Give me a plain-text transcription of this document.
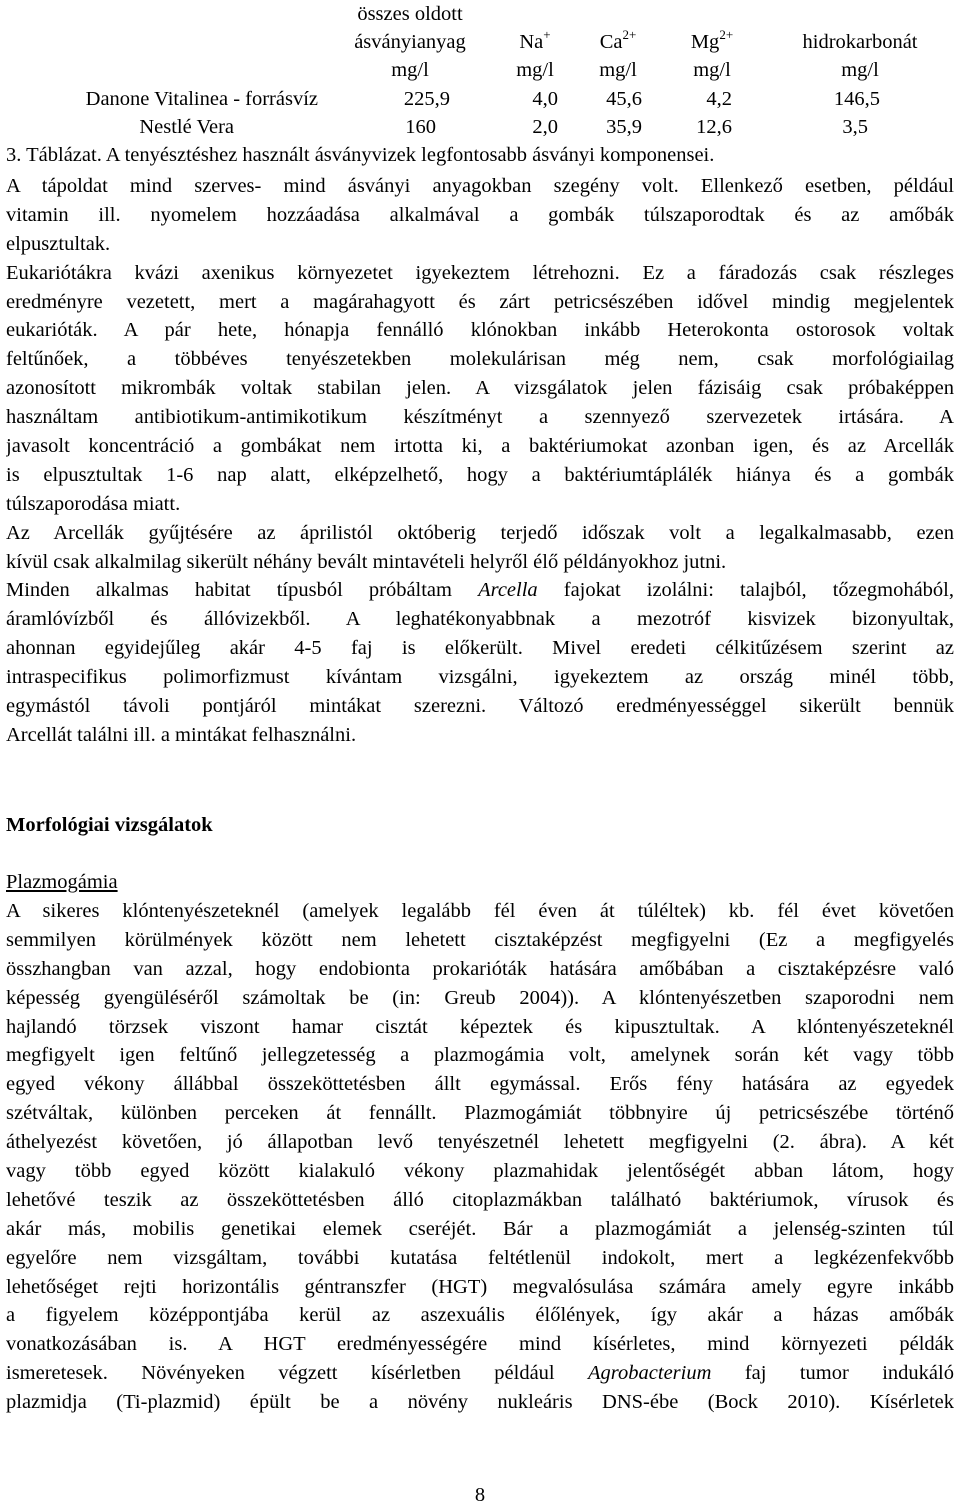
összes oldott
ásványianyag	Na+	$Ca^{2+}$	$Mg^{2+}$	hidrokarbonát
mg/l	mg/l	mg/l	mg/l	mg/l
Danone Vitalinea - forrásvíz	225,9	4,0	45,6	4,2	146,5
Nestlé Vera	160	2,0	35,9	12,6	3,5
3. Táblázat. A tenyésztéshez használt ásványvizek legfontosabb ásványi komponensei.
A tápoldat mind szerves- mind ásványi anyagokban szegény volt. Ellenkező esetben, például
vitamin ill. nyomelem hozzáadása alkalmával a gombák túlszaporodtak és az amőbák
elpusztultak.
Eukariótákra kvázi axenikus környezetet igyekeztem létrehozni. Ez a fáradozás csak részleges
eredményre vezetett, mert a magárahagyott és zárt petricsészében idővel mindig megjelentek
eukarióták. A pár hete, hónapja fennálló klónokban inkább Heterokonta ostorosok voltak
feltűnőek, a többéves tenyészetekben molekulárisan még nem, csak morfológiailag
azonosított mikrombák voltak stabilan jelen. A vizsgálatok jelen fázisáig csak próbaképpen
használtam antibiotikum-antimikotikum készítményt a szennyező szervezetek irtására. A
javasolt koncentráció a gombákat nem irtotta ki, a baktériumokat azonban igen, és az Arcellák
is elpusztultak 1-6 nap alatt, elképzelhető, hogy a baktériumtáplálék hiánya és a gombák
túlszaporodása miatt.
Az Arcellák gyűjtésére az áprilistól októberig terjedő időszak volt a legalkalmasabb, ezen
kívül csak alkalmilag sikerült néhány bevált mintavételi helyről élő példányokhoz jutni.
Minden alkalmas habitat típusból próbáltam Arcella fajokat izolálni: talajból, tőzegmohából,
áramlóvízből és állóvizekből. A leghatékonyabbnak a mezotróf kisvizek bizonyultak,
ahonnan egyidejűleg akár 4-5 faj is előkerült. Mivel eredeti célkitűzésem szerint az
intraspecifikus polimorfizmust kívántam vizsgálni, igyekeztem az ország minél több,
egymástól távoli pontjáról mintákat szerezni. Változó eredményességgel sikerült bennük
Arcellát találni ill. a mintákat felhasználni.
Morfológiai vizsgálatok
Plazmogámia
A sikeres klóntenyészeteknél (amelyek legalább fél éven át túléltek) kb. fél évet követően
semmilyen körülmények között nem lehetett cisztaképzést megfigyelni (Ez a megfigyelés
összhangban van azzal, hogy endobionta prokarióták hatására amőbában a cisztaképzésre való
képesség gyengüléséről számoltak be (in: Greub 2004)). A klóntenyészetben szaporodni nem
hajlandó törzsek viszont hamar cisztát képeztek és kipusztultak. A klóntenyészeteknél
megfigyelt igen feltűnő jellegzetesség a plazmogámia volt, amelynek során két vagy több
egyed vékony állábbal összeköttetésben állt egymással. Erős fény hatására az egyedek
szétváltak, különben perceken át fennállt. Plazmogámiát többnyire új petricsészébe történő
áthelyezést követően, jó állapotban levő tenyészetnél lehetett megfigyelni (2. ábra). A két
vagy több egyed között kialakuló vékony plazmahidak jelentőségét abban látom, hogy
lehetővé teszik az összeköttetésben álló citoplazmákban található baktériumok, vírusok és
akár más, mobilis genetikai elemek cseréjét. Bár a plazmogámiát a jelenség-szinten túl
egyelőre nem vizsgáltam, további kutatása feltétlenül indokolt, mert a legkézenfekvőbb
lehetőséget rejti horizontális géntranszfer (HGT) megvalósulása számára amely egyre inkább
a figyelem középpontjába kerül az aszexuális élőlények, így akár a házas amőbák
vonatkozásában is. A HGT eredményességére mind kísérletes, mind környezeti példák
ismeretesek. Növényeken végzett kísérletben például Agrobacterium faj tumor indukáló
plazmidja (Ti-plazmid) épült be a növény nukleáris DNS-ébe (Bock 2010). Kísérletek
8
